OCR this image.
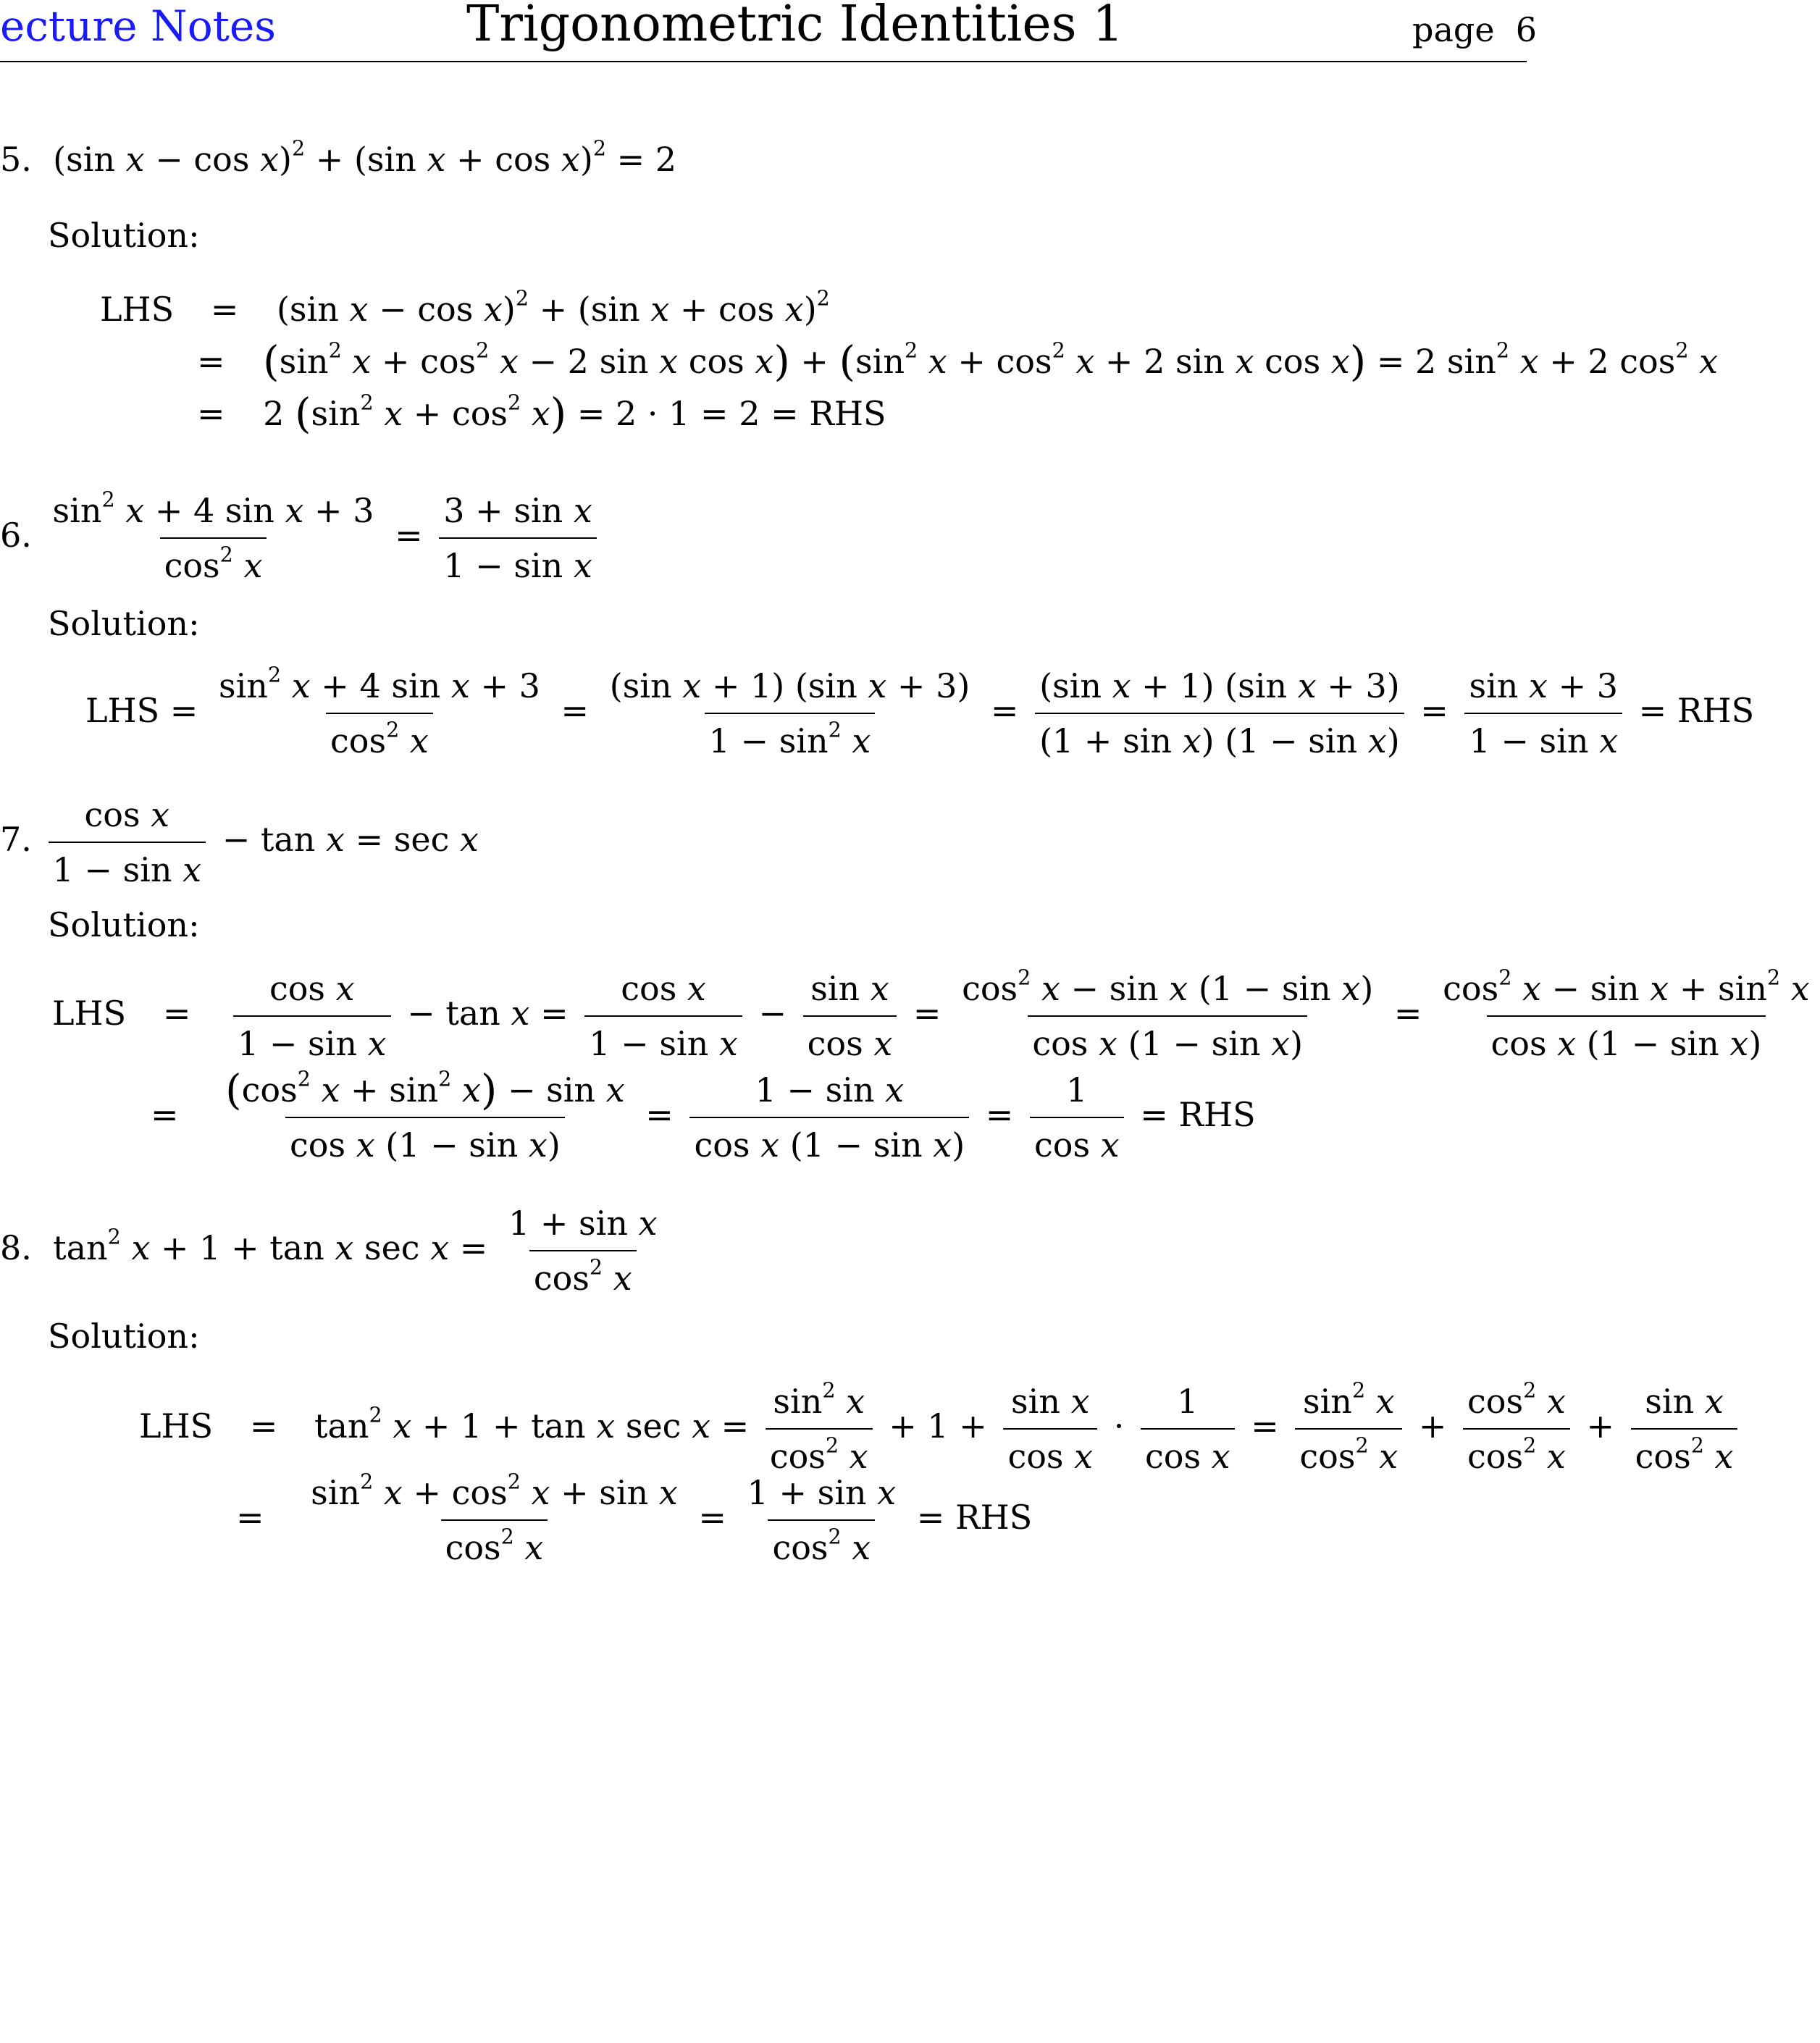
ecture Notes	Trigonometric Identities 1	page 6
5.  (sin x − cos x)$^2$ + (sin x + cos x)$^2$ = 2
Solution:
LHS = (sin x − cos x)$^2$ + (sin x + cos x)$^2$
= ($\sin^2$ $x + \cos^2 x - 2$ sin x $\cos x) + (\sin^2$ $x + \cos^2 x + 2$ sin x cos x) = 2 $\sin^2 x + 2$ $\cos^2 x$
= 2 ($\sin^2$ $x + \cos^2 x) = 2 \cdot 1 = 2$ = RHS
6. $\frac{\sin^2 x + 4 \sin x + 3}{\cos^2 x} = \frac{\text{3 + sin x}}{\text{1 − sin x}}$
Solution:
LHS = $\frac{\sin^2 x + 4 \sin x + 3}{\cos^2 x} = \frac{\text{(sin x + 1) (sin x + 3)}}{1 - \sin^2 x} = \frac{\text{(sin x + 1) (sin x + 3)}}{\text{(1 + sin x) (1 − sin x)}} = \frac{\text{sin x + 3}}{\text{1 − sin x}}$ = RHS
7. $\frac{\text{cos x}}{\text{1 − sin x}} - \tan x = \sec x$
Solution:
LHS = $\frac{\text{cos x}}{\text{1 − sin x}} - \tan x = \frac{\text{cos x}}{\text{1 − sin x}} - \frac{\text{sin x}}{\text{cos x}} = \frac{\cos^2 x - \sin x (1 - \sin x)}{\text{cos x (1 − sin x)}} = \frac{\cos^2 x - \sin x + \sin^2 x}{\text{cos x (1 − sin x)}}$
= $\frac{(\cos^2 x + \sin^2 x) - \sin x}{\text{cos x (1 − sin x)}} = \frac{\text{1 − sin x}}{\text{cos x (1 − sin x)}} = \frac{1}{\text{cos x}}$ = RHS
8.  $\tan^2 x + 1 + \tan x$ $\sec x = \frac{\text{1 + sin x}}{\cos^2 x}$
Solution:
LHS = $\tan^2 x + 1 + \tan x$ $\sec x = \frac{\sin^2 x}{\cos^2 x} + 1 + \frac{\text{sin x}}{\text{cos x}} \cdot \frac{1}{\text{cos x}} = \frac{\sin^2 x}{\cos^2 x} + \frac{\cos^2 x}{\cos^2 x} + \frac{\text{sin x}}{\cos^2 x}$
= $\frac{\sin^2 x + \cos^2 x + \sin x}{\cos^2 x} = \frac{\text{1 + sin x}}{\cos^2 x}$ = RHS
